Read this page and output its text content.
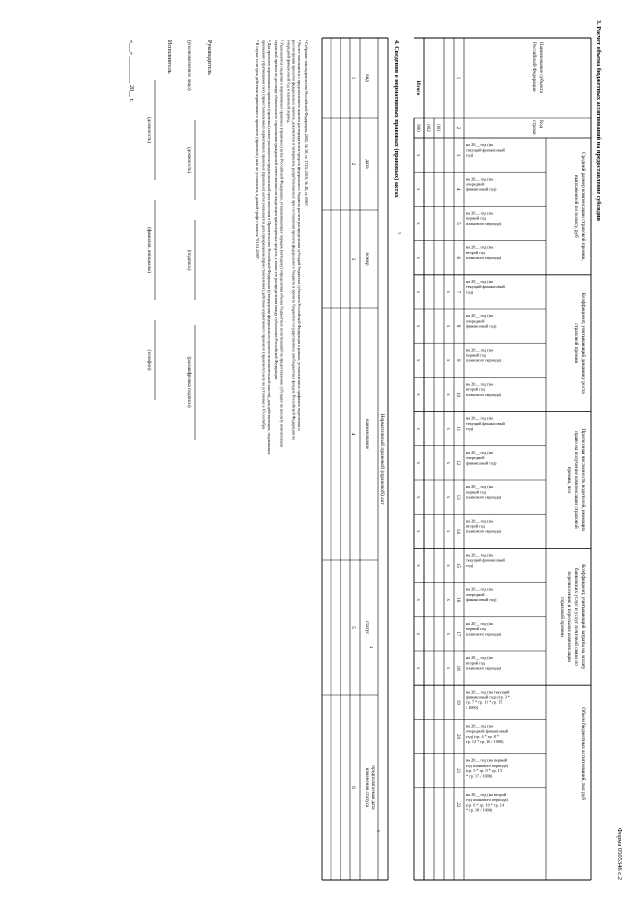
Форма 0505346 с.2
3. Расчет объема бюджетных ассигнований на предоставление субсидии
Наименование субъектаРоссийской Федерации
Кодстроки
Средний размер компенсации страховой премии,выплаченной по полису, руб
Коэффициент, учитывающий динамику ростастраховой премии
Прогнозная численность водителей, имеющихправо на получение компенсации страховойпремии, чел
Коэффициент, учитывающий затраты на оплатубанковских услуг и услуг почтовой связи поперечислению и пересылке компенсациистраховой премии
Объем бюджетных ассигнований, тыс руб
на 20__ год (на текущий финансовый год)
на 20__ год (на очередной финансовый год)
на 20__ год (на первый год планового периода)
на 20__ год (на второй год планового периода)
на 20__ год (на текущий финансовый год)
на 20__ год (на очередной финансовый год)
на 20__ год (на первый год планового периода)
на 20__ год (на второй год планового периода)
на 20__ год (на текущий финансовый год)
на 20__ год (на очередной финансовый год)
на 20__ год (на первый год планового периода)
на 20__ год (на второй год планового периода)
на 20__ год (на текущий финансовый год)
на 20__ год (на очередной финансовый год)
на 20__ год (на первый год планового периода)
на 20__ год (на второй год планового периода)
на 20__ год (на текущий финансовый год) (гр. 3 * гр. 7 * гр. 11 * гр. 15 / 1000)
на 20__ год (на очередной финансовый год) (гр. 4 * гр. 8 * гр. 12 * гр. 16 / 1000)
на 20__ год (на первый год планового периода) (гр. 5 * гр. 9 * гр. 13 * гр. 17 / 1000)
на 20__ год (на второй год планового периода) (гр. 6 * гр. 10 * гр. 14 * гр. 18 / 1000)
1
2
3
4
5
6
7
8
9
10
11
12
13
14
15
16
17
18
19
20
21
22
001
002
Итого
900
x
x
x
x
x
x
x
x
x
x
x
x
x
x
x
x
x
x
x
x
x
x
x
x
x
x
x
x
4. Сведения о нормативных правовых (правовых) актах
3
Нормативный правовой (правовой) акт
вид
1
дата
2
номер
3
наименование
4
статус
5
предполагаемая датаизменения статуса
6
4
5
¹ Собрание законодательства Российской Федерации, 2002, № 18, ст. 1720; 2019, № 49, ст. 6967.
² Расчет заполняется с представлением пакетов распорядителем средств федерального бюджета расчета распределения субсидий бюджетам субъектов Российской Федерации в рамках, установленных графиком подготовки ирассмотрения проектов федеральных законов, документов и материалов, разрабатываемых при составлении проекта федерального бюджета и проекта бюджетов государственных внебюджетных фондов Российской Федерации наочередной финансовый год и плановый период.
³ Указываются сведения о нормативных правовых (правовых) актах Российской Федерации, устанавливающих порядок (методику) определения объема бюджетных ассигнований на предоставление субсидии на выплату компенсациистраховой премии по договору обязательного страхования гражданской ответственности владельцев транспортных средств, а также его распределения между субъектами Российской Федерации.
⁴ Для проектов нормативных правовых (правовых) актов указывается предполагаемый срок внесения в Правительство Российской Федерации (утверждения федеральным органом исполнительной власти), для действующих, подлежащихпризнанию утратившими силу (приостановлению) нормативных правовых (правовых) актов указывается дата прекращения (приостановления) действия нормативного правового (правового) акта на установке в 10 сентября.
⁵ В случае если срок действия нормативного правового (правового) акта не установлен, в данной графе ставится "01.01.2099".
Руководитель
(уполномоченное лицо)
(должность)
(подпись)
(расшифровка подписи)
Исполнитель
(должность)
(фамилия, инициалы)
(телефон)
«___» _________ 20__ г.
